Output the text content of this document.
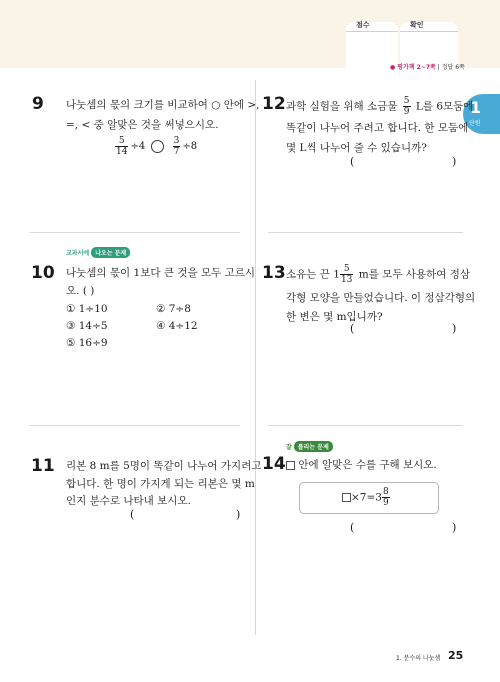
점수	확인
● 평가책 2~7쪽 | 정답 6쪽
1
단원
9 나눗셈의 몫의 크기를 비교하여 ○ 안에 >,
=, < 중 알맞은 것을 써넣으시오.
$\frac{5}{14} \div 4$	$\frac{3}{7} \div 8$
12 과학 실험을 위해 소금물 $\frac{5}{9}$ L를 6모둠에
똑같이 나누어 주려고 합니다. 한 모둠에
몇 L씩 나누어 줄 수 있습니까?
(	)
교과서에 나오는 문제
10 나눗셈의 몫이 1보다 큰 것을 모두 고르시
오. ( )
① 1÷10	② 7÷8
③ 14÷5	④ 4÷12
⑤ 16÷9
13 소유는 끈 $1 \frac{5}{13}$ m를 모두 사용하여 정삼
각형 모양을 만들었습니다. 이 정삼각형의
한 변은 몇 m입니까?
(	)
11 리본 8 m를 5명이 똑같이 나누어 가지려고
합니다. 한 명이 가지게 되는 리본은 몇 m
인지 분수로 나타내 보시오.
(	)
잘 틀리는 문제
14	안에 알맞은 수를 구해 보시오.
$\times 7=3 \frac{8}{9}$
(	)
1. 분수의 나눗셈 25
